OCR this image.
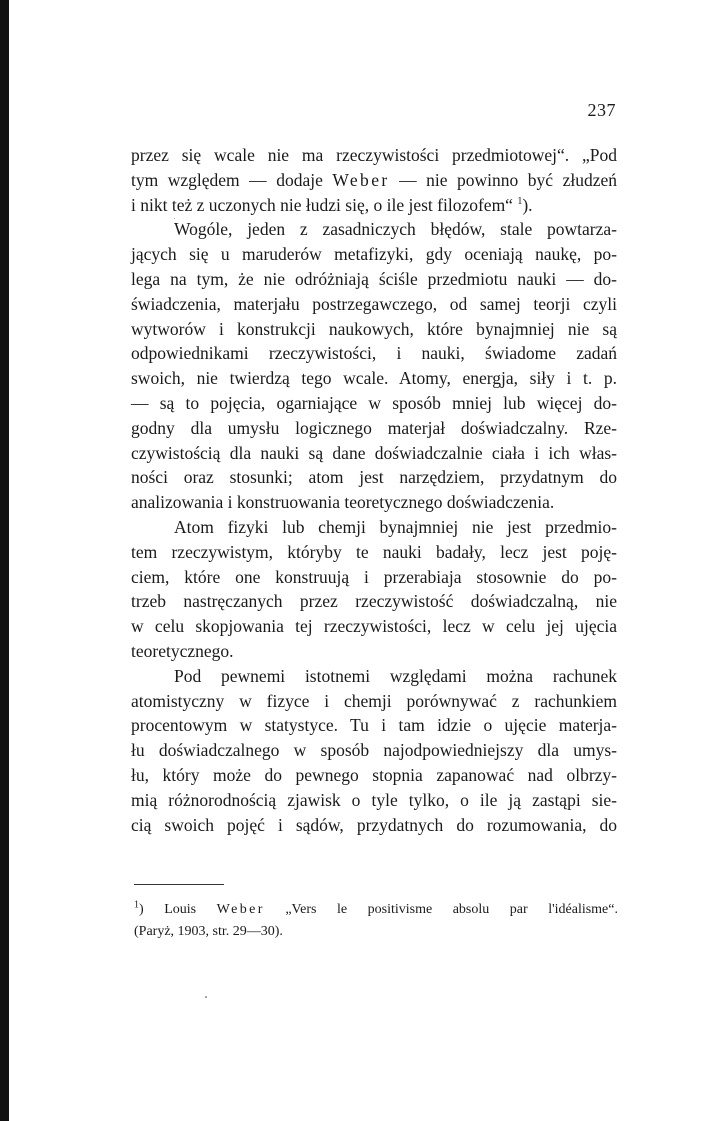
237
przez się wcale nie ma rzeczywistości przedmiotowej“. „Pod
tym względem — dodaje Weber — nie powinno być złudzeń
i nikt też z uczonych nie łudzi się, o ile jest filozofem“ $^1$).
Wogóle, jeden z zasadniczych błędów, stale powtarza-
jących się u maruderów metafizyki, gdy oceniają naukę, po-
lega na tym, że nie odróżniają ściśle przedmiotu nauki — do-
świadczenia, materjału postrzegawczego, od samej teorji czyli
wytworów i konstrukcji naukowych, które bynajmniej nie są
odpowiednikami rzeczywistości, i nauki, świadome zadań
swoich, nie twierdzą tego wcale. Atomy, energja, siły i t. p.
— są to pojęcia, ogarniające w sposób mniej lub więcej do-
godny dla umysłu logicznego materjał doświadczalny. Rze-
czywistością dla nauki są dane doświadczalnie ciała i ich włas-
ności oraz stosunki; atom jest narzędziem, przydatnym do
analizowania i konstruowania teoretycznego doświadczenia.
Atom fizyki lub chemji bynajmniej nie jest przedmio-
tem rzeczywistym, któryby te nauki badały, lecz jest poję-
ciem, które one konstruują i przerabiaja stosownie do po-
trzeb nastręczanych przez rzeczywistość doświadczalną, nie
w celu skopjowania tej rzeczywistości, lecz w celu jej ujęcia
teoretycznego.
Pod pewnemi istotnemi względami można rachunek
atomistyczny w fizyce i chemji porównywać z rachunkiem
procentowym w statystyce. Tu i tam idzie o ujęcie materja-
łu doświadczalnego w sposób najodpowiedniejszy dla umys-
łu, który może do pewnego stopnia zapanować nad olbrzy-
mią różnorodnością zjawisk o tyle tylko, o ile ją zastąpi sie-
cią swoich pojęć i sądów, przydatnych do rozumowania, do
$^1$) Louis Weber „Vers le positivisme absolu par l'idéalisme“.
(Paryż, 1903, str. 29—30).
